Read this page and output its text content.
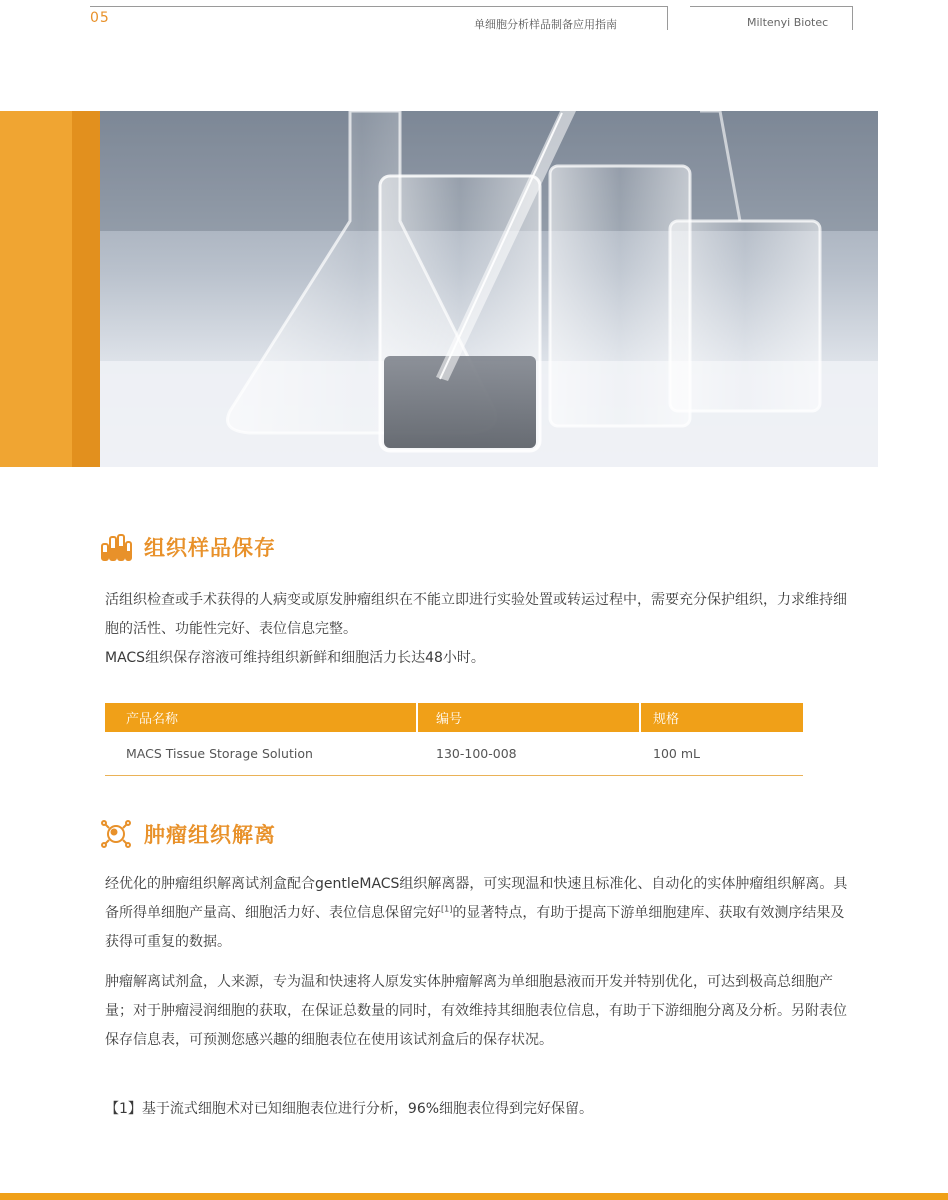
05	单细胞分析样品制备应用指南	Miltenyi Biotec
组织样品保存

活组织检查或手术获得的人病变或原发肿瘤组织在不能立即进行实验处置或转运过程中，需要充分保护组织，力求维持细胞的活性、功能性完好、表位信息完整。

MACS组织保存溶液可维持组织新鲜和细胞活力长达48小时。

产品名称	编号	规格
MACS Tissue Storage Solution	130-100-008	100 mL
肿瘤组织解离

经优化的肿瘤组织解离试剂盒配合gentleMACS组织解离器，可实现温和快速且标准化、自动化的实体肿瘤组织解离。具备所得单细胞产量高、细胞活力好、表位信息保留完好[1]的显著特点，有助于提高下游单细胞建库、获取有效测序结果及获得可重复的数据。

肿瘤解离试剂盒，人来源，专为温和快速将人原发实体肿瘤解离为单细胞悬液而开发并特别优化，可达到极高总细胞产量；对于肿瘤浸润细胞的获取，在保证总数量的同时，有效维持其细胞表位信息，有助于下游细胞分离及分析。另附表位保存信息表，可预测您感兴趣的细胞表位在使用该试剂盒后的保存状况。

【1】基于流式细胞术对已知细胞表位进行分析，96%细胞表位得到完好保留。
